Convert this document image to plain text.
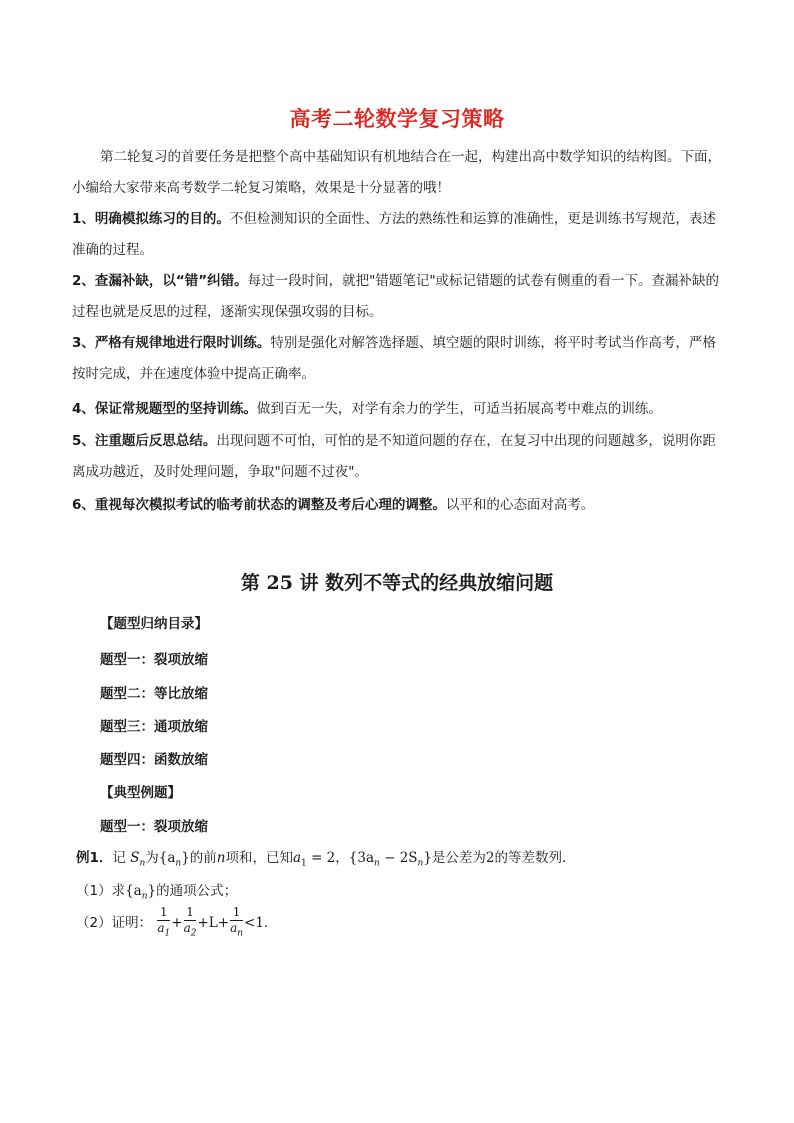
高考二轮数学复习策略
第二轮复习的首要任务是把整个高中基础知识有机地结合在一起，构建出高中数学知识的结构图。下面，小编给大家带来高考数学二轮复习策略，效果是十分显著的哦！
1、明确模拟练习的目的。不但检测知识的全面性、方法的熟练性和运算的准确性，更是训练书写规范，表述准确的过程。
2、查漏补缺，以“错”纠错。每过一段时间，就把"错题笔记"或标记错题的试卷有侧重的看一下。查漏补缺的过程也就是反思的过程，逐渐实现保强攻弱的目标。
3、严格有规律地进行限时训练。特别是强化对解答选择题、填空题的限时训练，将平时考试当作高考，严格按时完成，并在速度体验中提高正确率。
4、保证常规题型的坚持训练。做到百无一失，对学有余力的学生，可适当拓展高考中难点的训练。
5、注重题后反思总结。出现问题不可怕，可怕的是不知道问题的存在，在复习中出现的问题越多，说明你距离成功越近，及时处理问题，争取"问题不过夜"。
6、重视每次模拟考试的临考前状态的调整及考后心理的调整。以平和的心态面对高考。
第 25 讲 数列不等式的经典放缩问题
【题型归纳目录】
题型一：裂项放缩
题型二：等比放缩
题型三：通项放缩
题型四：函数放缩
【典型例题】
题型一：裂项放缩
例1．记 $S_n$为$\{a_n\}$的前n项和，已知$a_1 = 2$，$\{3a_n - 2S_n\}$是公差为2的等差数列．
（1）求$\{a_n\}$的通项公式；
（2）证明： $\frac{1}{a_1} + \frac{1}{a_2} +L+ \frac{1}{a_n} <1$．
